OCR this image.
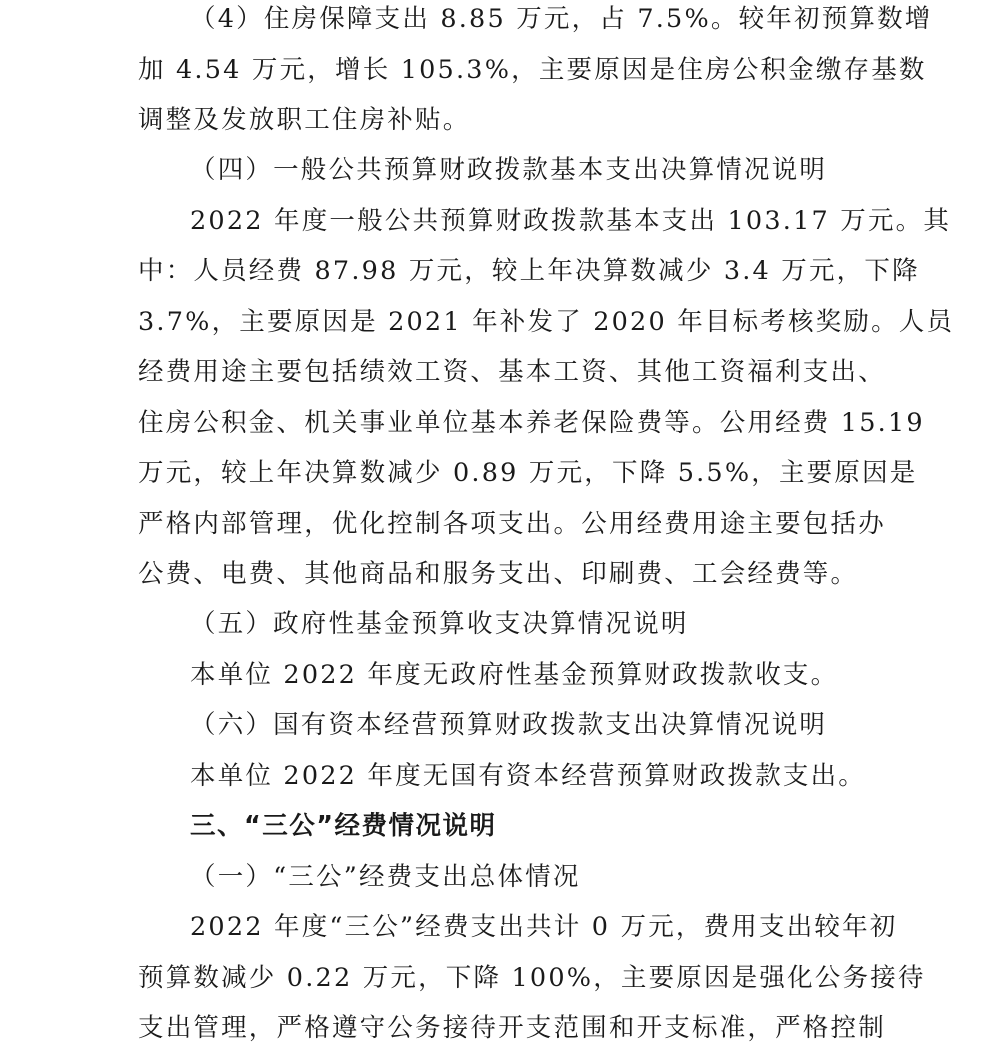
（4）住房保障支出 8.85 万元，占 7.5%。较年初预算数增
加 4.54 万元，增长 105.3%，主要原因是住房公积金缴存基数
调整及发放职工住房补贴。
（四）一般公共预算财政拨款基本支出决算情况说明
2022 年度一般公共预算财政拨款基本支出 103.17 万元。其
中：人员经费 87.98 万元，较上年决算数减少 3.4 万元，下降
3.7%，主要原因是 2021 年补发了 2020 年目标考核奖励。人员
经费用途主要包括绩效工资、基本工资、其他工资福利支出、
住房公积金、机关事业单位基本养老保险费等。公用经费 15.19
万元，较上年决算数减少 0.89 万元，下降 5.5%，主要原因是
严格内部管理，优化控制各项支出。公用经费用途主要包括办
公费、电费、其他商品和服务支出、印刷费、工会经费等。
（五）政府性基金预算收支决算情况说明
本单位 2022 年度无政府性基金预算财政拨款收支。
（六）国有资本经营预算财政拨款支出决算情况说明
本单位 2022 年度无国有资本经营预算财政拨款支出。
三、“三公”经费情况说明
（一）“三公”经费支出总体情况
2022 年度“三公”经费支出共计 0 万元，费用支出较年初
预算数减少 0.22 万元，下降 100%，主要原因是强化公务接待
支出管理，严格遵守公务接待开支范围和开支标准，严格控制
